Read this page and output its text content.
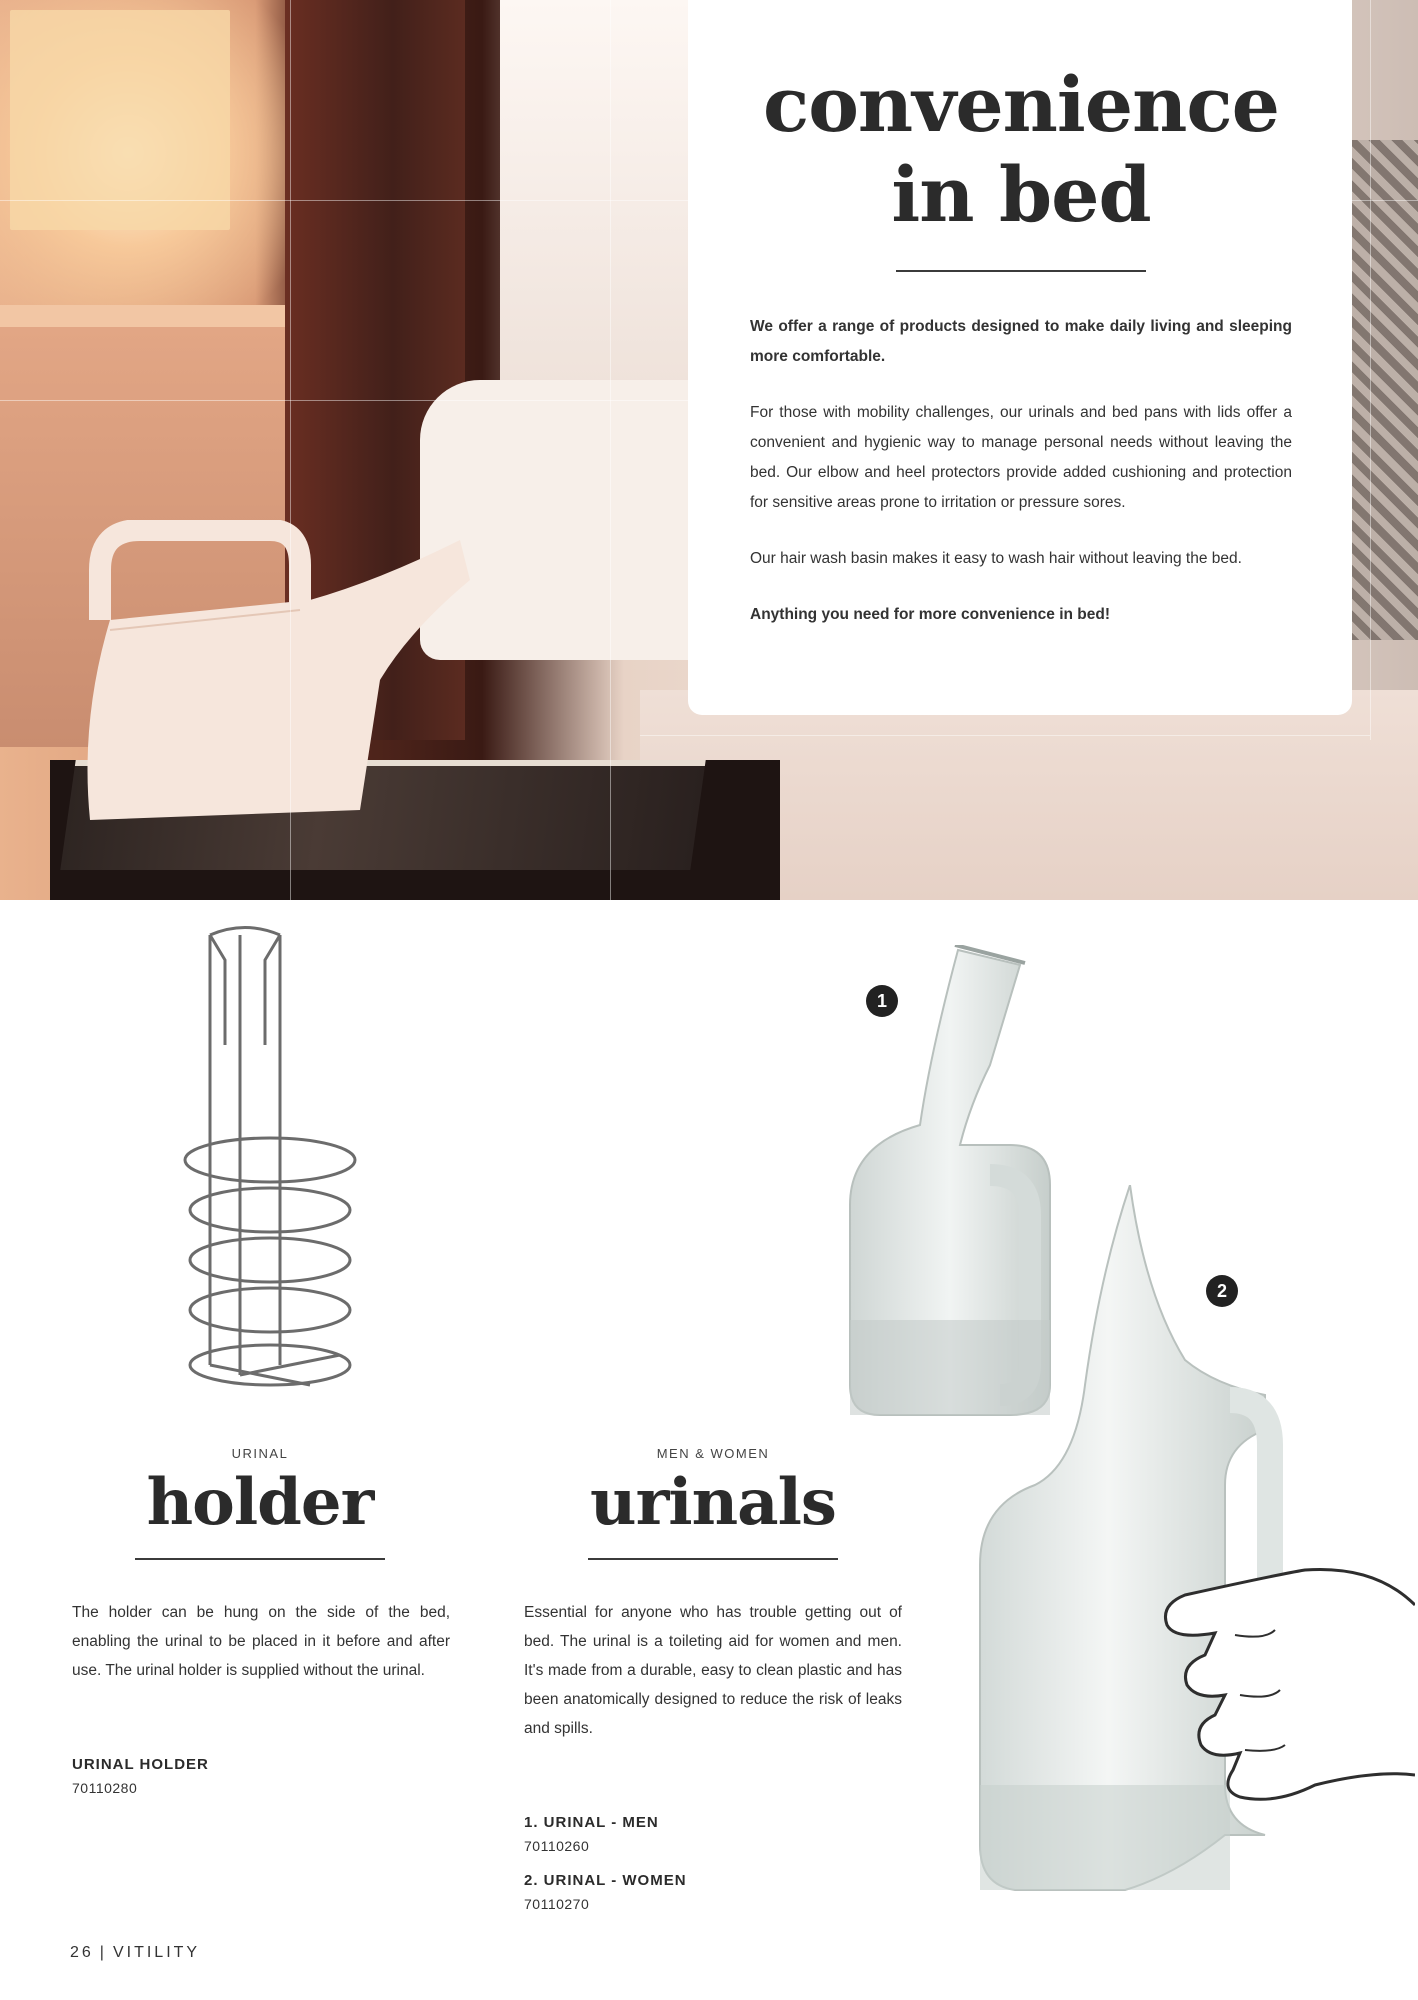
convenience
in bed

We offer a range of products designed to make daily living and sleeping more comfortable.

For those with mobility challenges, our urinals and bed pans with lids offer a convenient and hygienic way to manage personal needs without leaving the bed. Our elbow and heel protectors provide added cushioning and protection for sensitive areas prone to irritation or pressure sores.

Our hair wash basin makes it easy to wash hair without leaving the bed.

Anything you need for more convenience in bed!

1
2
URINAL
holder

The holder can be hung on the side of the bed, enabling the urinal to be placed in it before and after use. The urinal holder is supplied without the urinal.

URINAL HOLDER
70110280
MEN & WOMEN
urinals

Essential for anyone who has trouble getting out of bed. The urinal is a toileting aid for women and men. It's made from a durable, easy to clean plastic and has been anatomically designed to reduce the risk of leaks and spills.

1. URINAL - MEN
70110260
2. URINAL - WOMEN
70110270
26 | VITILITY
